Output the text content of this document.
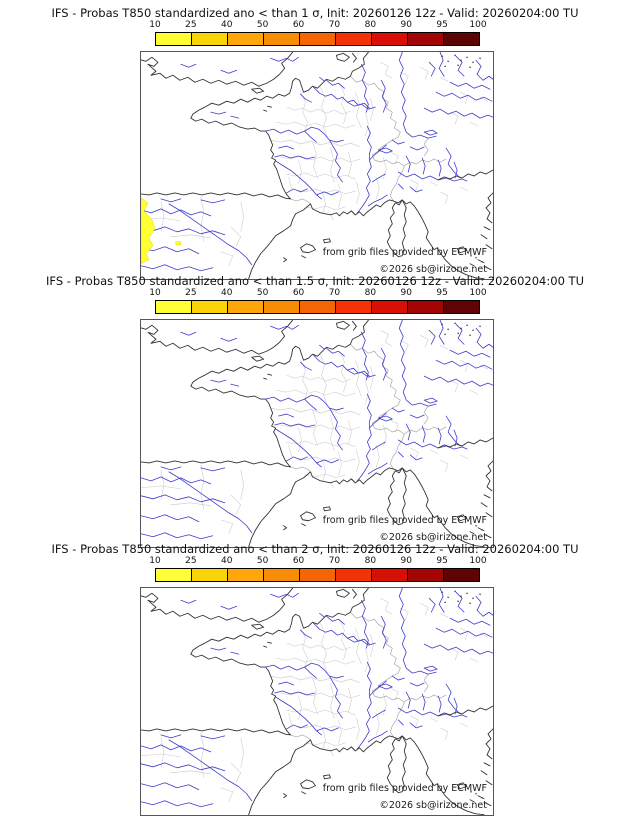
IFS - Probas T850 standardized ano < than 1 σ, Init: 20260126 12z - Valid: 20260204:00 TU
10	25	40	50	60	70	80	90	95 100
from grib files provided by ECMWF
©2026 sb@irizone.net
IFS - Probas T850 standardized ano < than 1.5 σ, Init: 20260126 12z - Valid: 20260204:00 TU
10	25	40	50	60	70	80	90	95 100
from grib files provided by ECMWF
©2026 sb@irizone.net
IFS - Probas T850 standardized ano < than 2 σ, Init: 20260126 12z - Valid: 20260204:00 TU
10	25	40	50	60	70	80	90	95 100
from grib files provided by ECMWF
©2026 sb@irizone.net
